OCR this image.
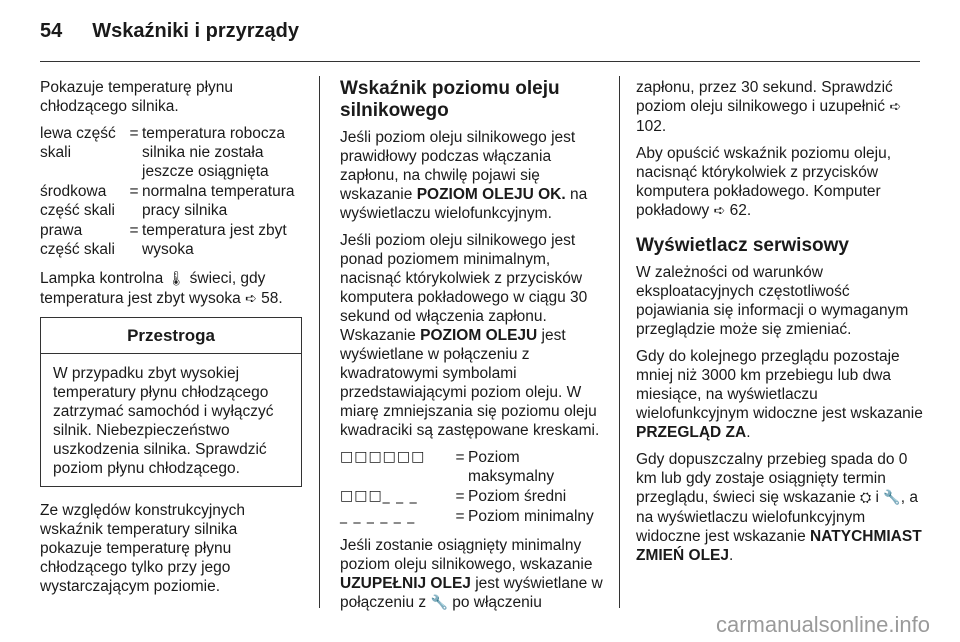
54 Wskaźniki i przyrządy

Pokazuje temperaturę płynu chłodzącego silnika.

lewa część skali
= temperatura robocza silnika nie została jeszcze osiągnięta
środkowa część skali
= normalna temperatura pracy silnika
prawa część skali
= temperatura jest zbyt wysoka

Lampka kontrolna 🌡 świeci, gdy temperatura jest zbyt wysoka ➪ 58.

Przestroga
W przypadku zbyt wysokiej temperatury płynu chłodzącego zatrzymać samochód i wyłączyć silnik. Niebezpieczeństwo uszkodzenia silnika. Sprawdzić poziom płynu chłodzącego.

Ze względów konstrukcyjnych wskaźnik temperatury silnika pokazuje temperaturę płynu chłodzącego tylko przy jego wystarczającym poziomie.

Wskaźnik poziomu oleju silnikowego

Jeśli poziom oleju silnikowego jest prawidłowy podczas włączania zapłonu, na chwilę pojawi się wskazanie POZIOM OLEJU OK. na wyświetlaczu wielofunkcyjnym.

Jeśli poziom oleju silnikowego jest ponad poziomem minimalnym, nacisnąć którykolwiek z przycisków komputera pokładowego w ciągu 30 sekund od włączenia zapłonu. Wskazanie POZIOM OLEJU jest wyświetlane w połączeniu z kwadratowymi symbolami przedstawiającymi poziom oleju. W miarę zmniejszania się poziomu oleju kwadraciki są zastępowane kreskami.

□□□□□□	= Poziom maksymalny
□□□_ _ _	= Poziom średni
_ _ _ _ _ _	= Poziom minimalny

Jeśli zostanie osiągnięty minimalny poziom oleju silnikowego, wskazanie UZUPEŁNIJ OLEJ jest wyświetlane w połączeniu z 🔧 po włączeniu

zapłonu, przez 30 sekund. Sprawdzić poziom oleju silnikowego i uzupełnić ➪ 102.

Aby opuścić wskaźnik poziomu oleju, nacisnąć którykolwiek z przycisków komputera pokładowego. Komputer pokładowy ➪ 62.

Wyświetlacz serwisowy

W zależności od warunków eksploatacyjnych częstotliwość pojawiania się informacji o wymaganym przeglądzie może się zmieniać.

Gdy do kolejnego przeglądu pozostaje mniej niż 3000 km przebiegu lub dwa miesiące, na wyświetlaczu wielofunkcyjnym widoczne jest wskazanie PRZEGLĄD ZA.

Gdy dopuszczalny przebieg spada do 0 km lub gdy zostaje osiągnięty termin przeglądu, świeci się wskazanie ⛭ i 🔧, a na wyświetlaczu wielofunkcyjnym widoczne jest wskazanie NATYCHMIAST ZMIEŃ OLEJ.

carmanualsonline.info
